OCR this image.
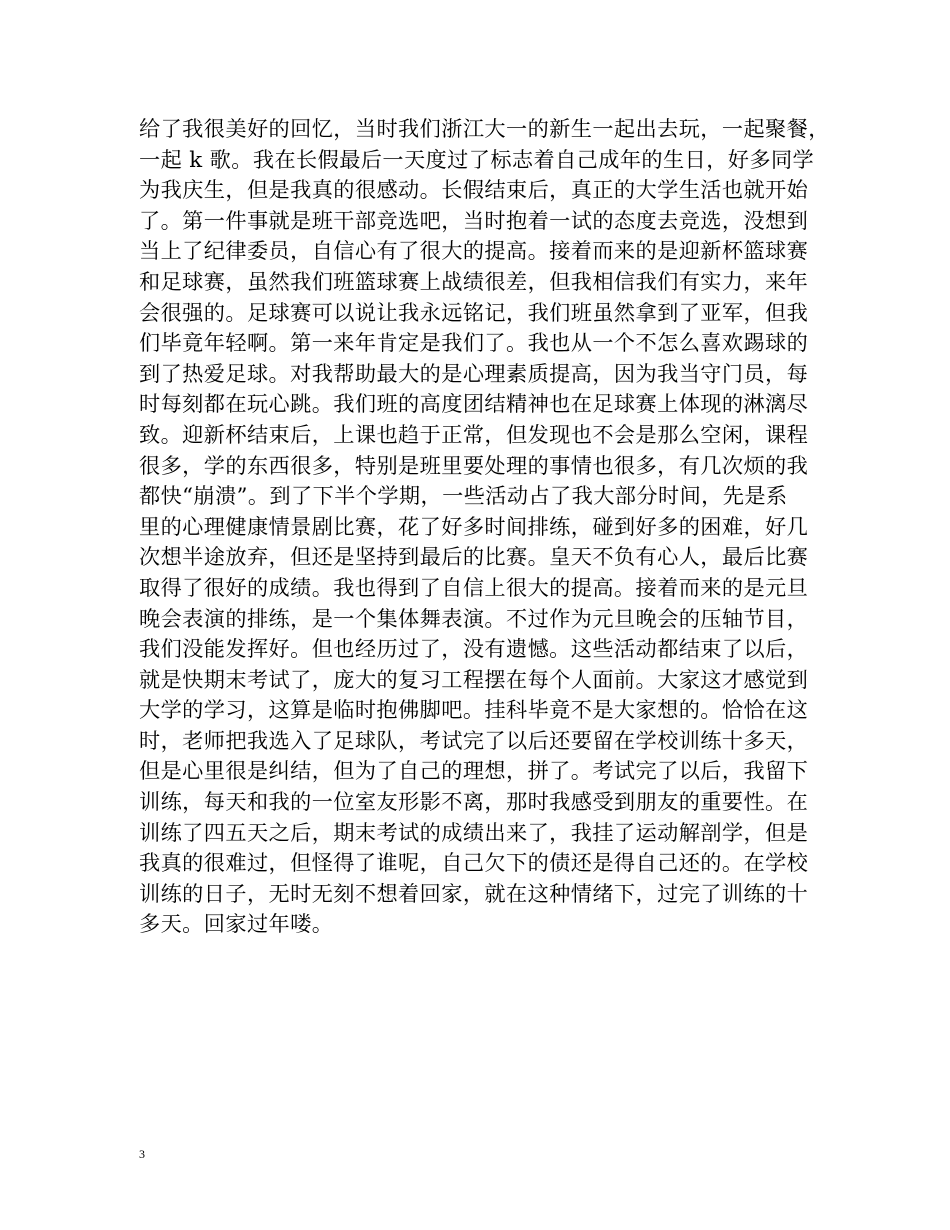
给了我很美好的回忆，当时我们浙江大一的新生一起出去玩，一起聚餐，
一起 k 歌。我在长假最后一天度过了标志着自己成年的生日，好多同学
为我庆生，但是我真的很感动。长假结束后，真正的大学生活也就开始
了。第一件事就是班干部竞选吧，当时抱着一试的态度去竞选，没想到
当上了纪律委员，自信心有了很大的提高。接着而来的是迎新杯篮球赛
和足球赛，虽然我们班篮球赛上战绩很差，但我相信我们有实力，来年
会很强的。足球赛可以说让我永远铭记，我们班虽然拿到了亚军，但我
们毕竟年轻啊。第一来年肯定是我们了。我也从一个不怎么喜欢踢球的
到了热爱足球。对我帮助最大的是心理素质提高，因为我当守门员，每
时每刻都在玩心跳。我们班的高度团结精神也在足球赛上体现的淋漓尽
致。迎新杯结束后，上课也趋于正常，但发现也不会是那么空闲，课程
很多，学的东西很多，特别是班里要处理的事情也很多，有几次烦的我
都快“崩溃”。到了下半个学期，一些活动占了我大部分时间，先是系
里的心理健康情景剧比赛，花了好多时间排练，碰到好多的困难，好几
次想半途放弃，但还是坚持到最后的比赛。皇天不负有心人，最后比赛
取得了很好的成绩。我也得到了自信上很大的提高。接着而来的是元旦
晚会表演的排练，是一个集体舞表演。不过作为元旦晚会的压轴节目，
我们没能发挥好。但也经历过了，没有遗憾。这些活动都结束了以后，
就是快期末考试了，庞大的复习工程摆在每个人面前。大家这才感觉到
大学的学习，这算是临时抱佛脚吧。挂科毕竟不是大家想的。恰恰在这
时，老师把我选入了足球队，考试完了以后还要留在学校训练十多天，
但是心里很是纠结，但为了自己的理想，拼了。考试完了以后，我留下
训练，每天和我的一位室友形影不离，那时我感受到朋友的重要性。在
训练了四五天之后，期末考试的成绩出来了，我挂了运动解剖学，但是
我真的很难过，但怪得了谁呢，自己欠下的债还是得自己还的。在学校
训练的日子，无时无刻不想着回家，就在这种情绪下，过完了训练的十
多天。回家过年喽。
3
